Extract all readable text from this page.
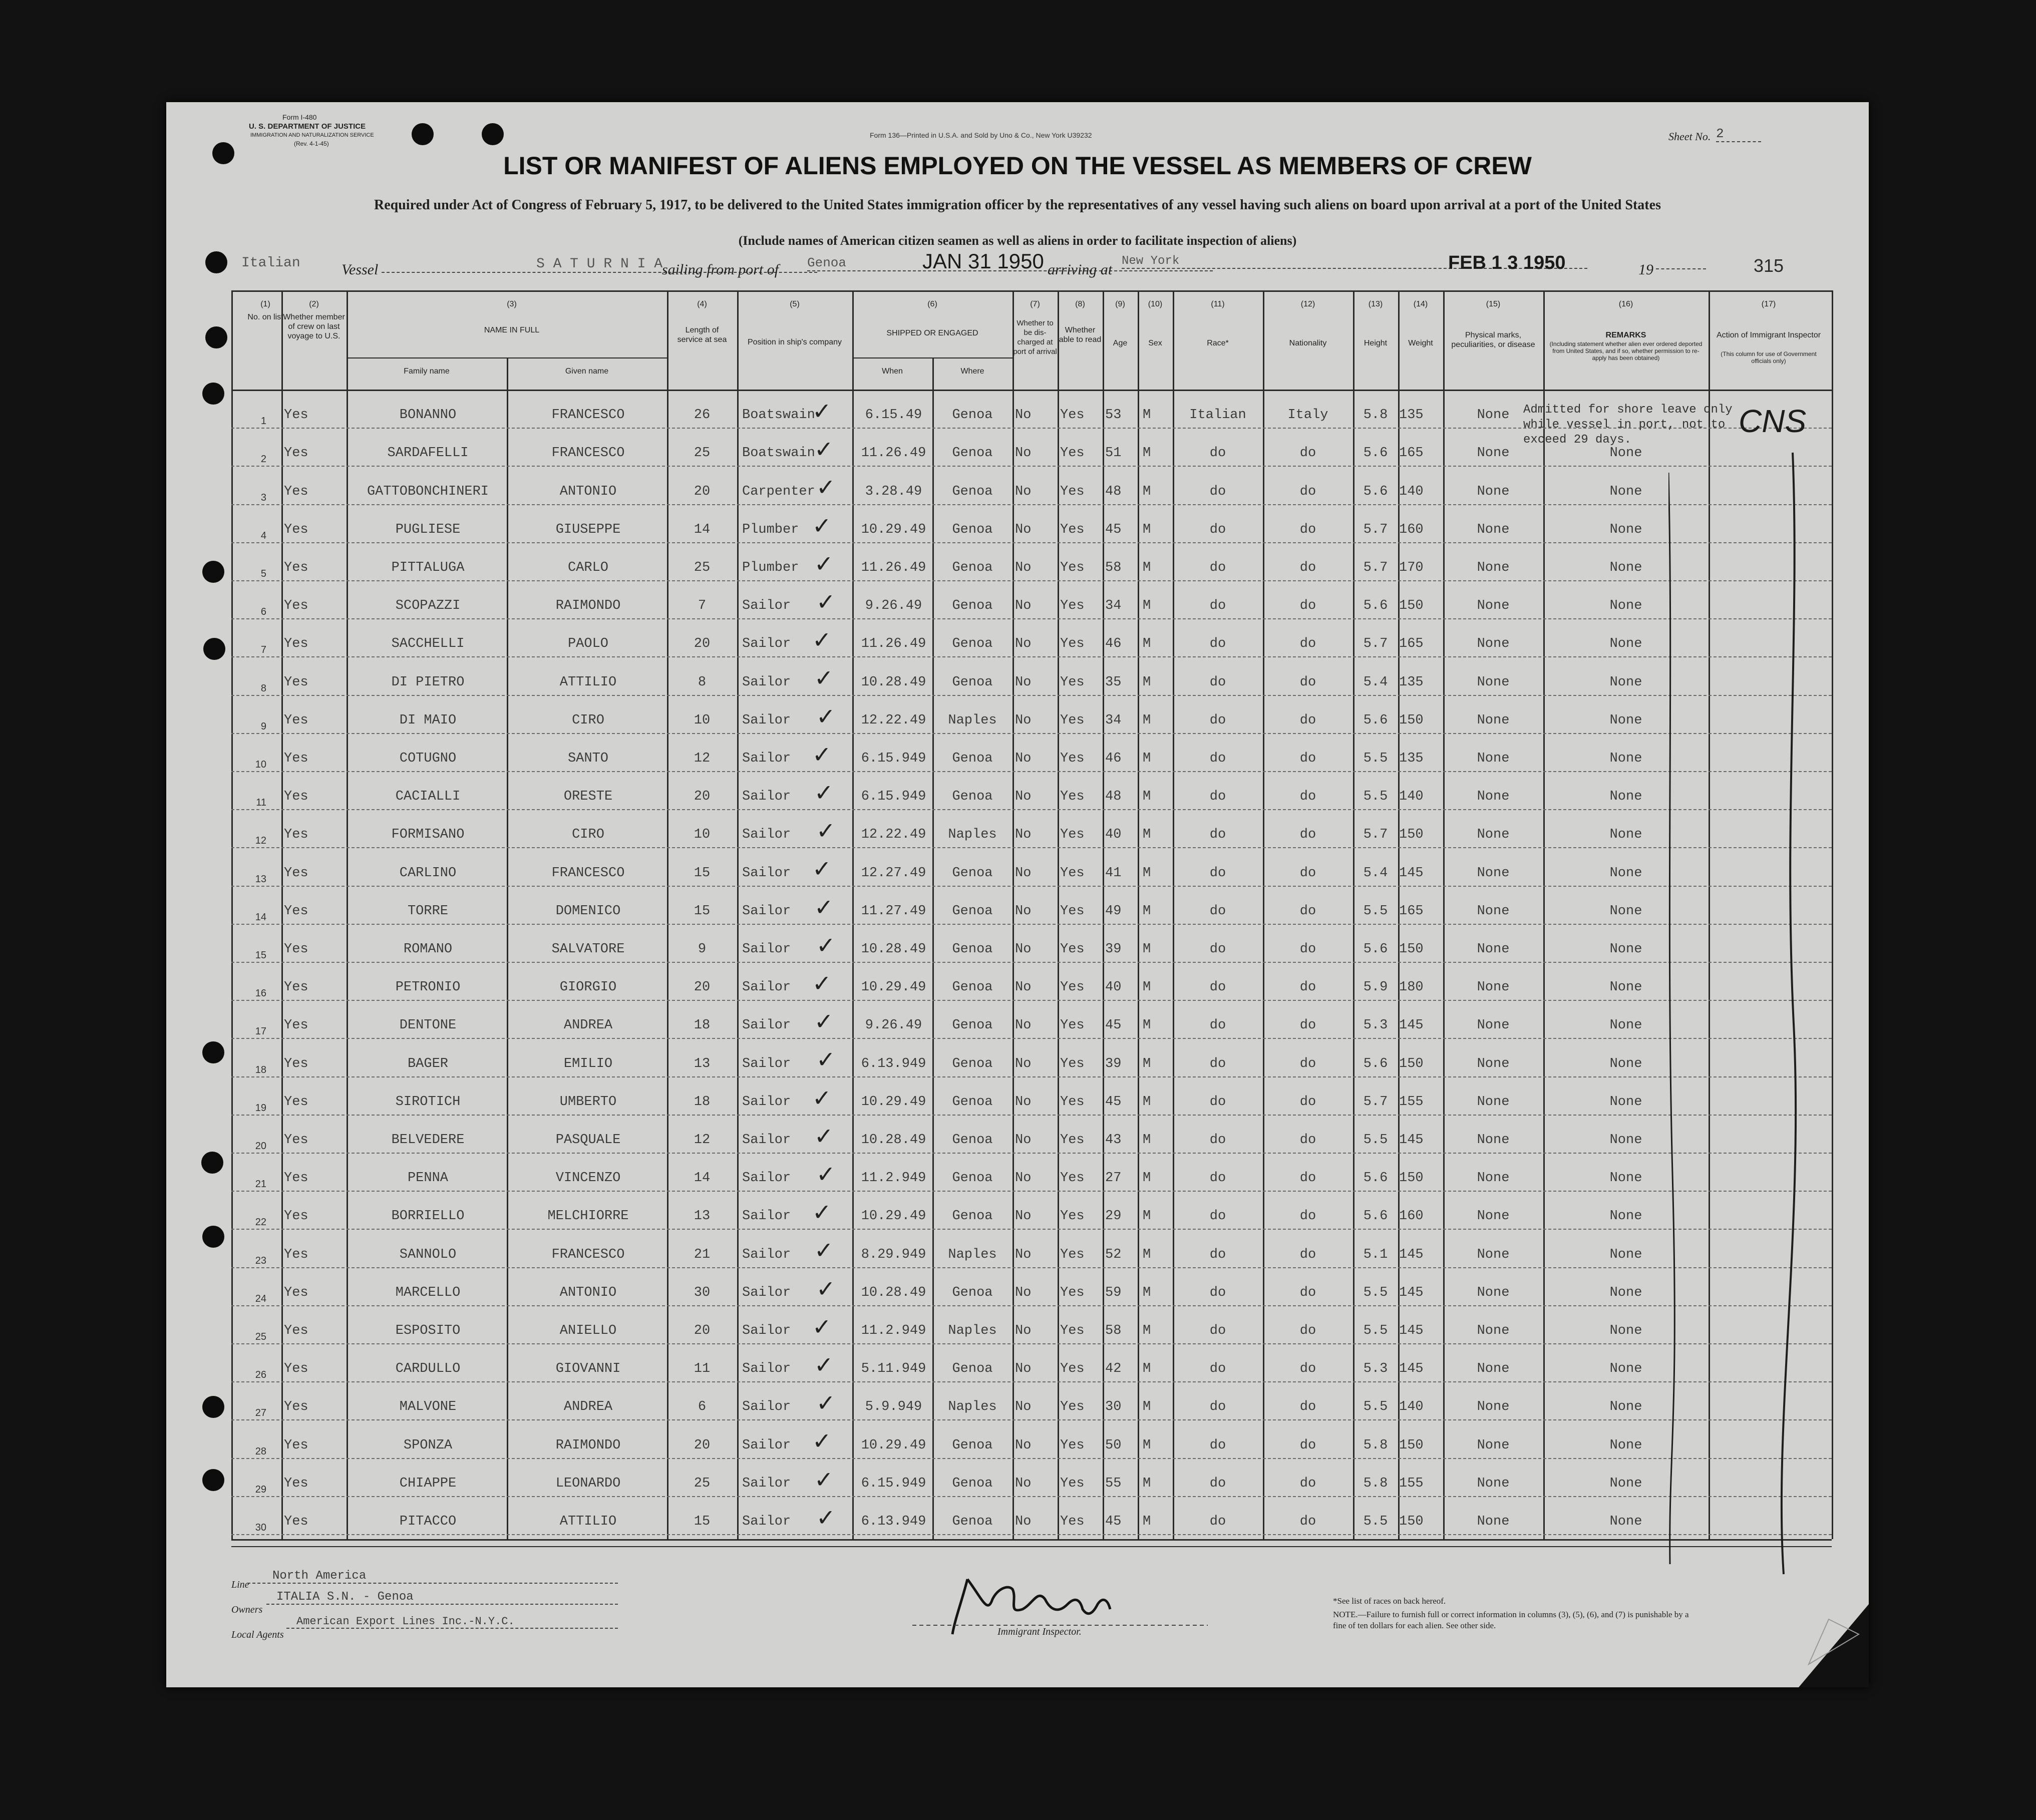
Form I-480
U. S. DEPARTMENT OF JUSTICE
IMMIGRATION AND NATURALIZATION SERVICE
(Rev. 4-1-45)
Form 136—Printed in U.S.A. and Sold by Uno & Co., New York U39232	Sheet No. 2
LIST OR MANIFEST OF ALIENS EMPLOYED ON THE VESSEL AS MEMBERS OF CREW
Required under Act of Congress of February 5, 1917, to be delivered to the United States immigration officer by the representatives of any vessel having such aliens on board upon arrival at a port of the United States
(Include names of American citizen seamen as well as aliens in order to facilitate inspection of aliens)
Italian	Vessel	S A T U R N I A
sailing from port of Genoa	JAN 31 1950 arriving at
New York	FEB 1 3 1950	19	315
(1)
No. on list
(2)
Whether member of crew on last voyage to U.S.
(3)
NAME IN FULL
Family name	Given name
(4)
Length of service at sea
(5)
Position in ship's company
(6)
SHIPPED OR ENGAGED
When	Where
(7)
Whether to be dis- charged at port of arrival
(8)
Whether able to read
(9)
Age
(10)
Sex
(11)
Race*
(12)
Nationality
(13)
Height
(14)
Weight
(15)
Physical marks, peculiarities, or disease
(16)
REMARKS
(Including statement whether alien ever ordered deported from United States, and if so, whether permission to re-apply has been obtained)
(17)
Action of Immigrant Inspector
(This column for use of Government officials only)
1 Yes	BONANNO	FRANCESCO	26	Boatswain	6.15.49	Genoa	No	Yes	53	M	Italian	Italy	5.8 135	None
✓
2 Yes	SARDAFELLI	FRANCESCO	25	Boatswain	11.26.49	Genoa	No	Yes	51	M	do	do	5.6 165	None	None
✓
3 Yes	GATTOBONCHINERI	ANTONIO	20	Carpenter	3.28.49	Genoa	No	Yes	48	M	do	do	5.6 140	None	None
✓
4 Yes	PUGLIESE	GIUSEPPE	14	Plumber	10.29.49	Genoa	No	Yes	45	M	do	do	5.7 160	None	None
✓
5 Yes	PITTALUGA	CARLO	25	Plumber	11.26.49	Genoa	No	Yes	58	M	do	do	5.7 170	None	None
✓
6 Yes	SCOPAZZI	RAIMONDO	7	Sailor	9.26.49	Genoa	No	Yes	34	M	do	do	5.6 150	None	None
✓
7 Yes	SACCHELLI	PAOLO	20	Sailor	11.26.49	Genoa	No	Yes	46	M	do	do	5.7 165	None	None
✓
8 Yes	DI PIETRO	ATTILIO	8	Sailor	10.28.49	Genoa	No	Yes	35	M	do	do	5.4 135	None	None
✓
9 Yes	DI MAIO	CIRO	10	Sailor	12.22.49	Naples	No	Yes	34	M	do	do	5.6 150	None	None
✓
10 Yes	COTUGNO	SANTO	12	Sailor	6.15.949	Genoa	No	Yes	46	M	do	do	5.5 135	None	None
✓
11 Yes	CACIALLI	ORESTE	20	Sailor	6.15.949	Genoa	No	Yes	48	M	do	do	5.5 140	None	None
✓
12 Yes	FORMISANO	CIRO	10	Sailor	12.22.49	Naples	No	Yes	40	M	do	do	5.7 150	None	None
✓
13 Yes	CARLINO	FRANCESCO	15	Sailor	12.27.49	Genoa	No	Yes	41	M	do	do	5.4 145	None	None
✓
14 Yes	TORRE	DOMENICO	15	Sailor	11.27.49	Genoa	No	Yes	49	M	do	do	5.5 165	None	None
✓
15 Yes	ROMANO	SALVATORE	9	Sailor	10.28.49	Genoa	No	Yes	39	M	do	do	5.6 150	None	None
✓
16 Yes	PETRONIO	GIORGIO	20	Sailor	10.29.49	Genoa	No	Yes	40	M	do	do	5.9 180	None	None
✓
17 Yes	DENTONE	ANDREA	18	Sailor	9.26.49	Genoa	No	Yes	45	M	do	do	5.3 145	None	None
✓
18 Yes	BAGER	EMILIO	13	Sailor	6.13.949	Genoa	No	Yes	39	M	do	do	5.6 150	None	None
✓
19 Yes	SIROTICH	UMBERTO	18	Sailor	10.29.49	Genoa	No	Yes	45	M	do	do	5.7 155	None	None
✓
20 Yes	BELVEDERE	PASQUALE	12	Sailor	10.28.49	Genoa	No	Yes	43	M	do	do	5.5 145	None	None
✓
21 Yes	PENNA	VINCENZO	14	Sailor	11.2.949	Genoa	No	Yes	27	M	do	do	5.6 150	None	None
✓
22 Yes	BORRIELLO	MELCHIORRE	13	Sailor	10.29.49	Genoa	No	Yes	29	M	do	do	5.6 160	None	None
✓
23 Yes	SANNOLO	FRANCESCO	21	Sailor	8.29.949	Naples	No	Yes	52	M	do	do	5.1 145	None	None
✓
24 Yes	MARCELLO	ANTONIO	30	Sailor	10.28.49	Genoa	No	Yes	59	M	do	do	5.5 145	None	None
✓
25 Yes	ESPOSITO	ANIELLO	20	Sailor	11.2.949	Naples	No	Yes	58	M	do	do	5.5 145	None	None
✓
26 Yes	CARDULLO	GIOVANNI	11	Sailor	5.11.949	Genoa	No	Yes	42	M	do	do	5.3 145	None	None
✓
27 Yes	MALVONE	ANDREA	6	Sailor	5.9.949	Naples	No	Yes	30	M	do	do	5.5 140	None	None
✓
28 Yes	SPONZA	RAIMONDO	20	Sailor	10.29.49	Genoa	No	Yes	50	M	do	do	5.8 150	None	None
✓
29 Yes	CHIAPPE	LEONARDO	25	Sailor	6.15.949	Genoa	No	Yes	55	M	do	do	5.8 155	None	None
✓
30 Yes	PITACCO	ATTILIO	15	Sailor	6.13.949	Genoa	No	Yes	45	M	do	do	5.5 150	None	None
✓
Admitted for shore leave only while vessel in port, not to exceed 29 days.
CNS
Line
North America
Owners
ITALIA S.N. - Genoa
Local Agents
American Export Lines Inc.-N.Y.C.
Immigrant Inspector.
*See list of races on back hereof.
NOTE.—Failure to furnish full or correct information in columns (3), (5), (6), and (7) is punishable by a fine of ten dollars for each alien. See other side.
